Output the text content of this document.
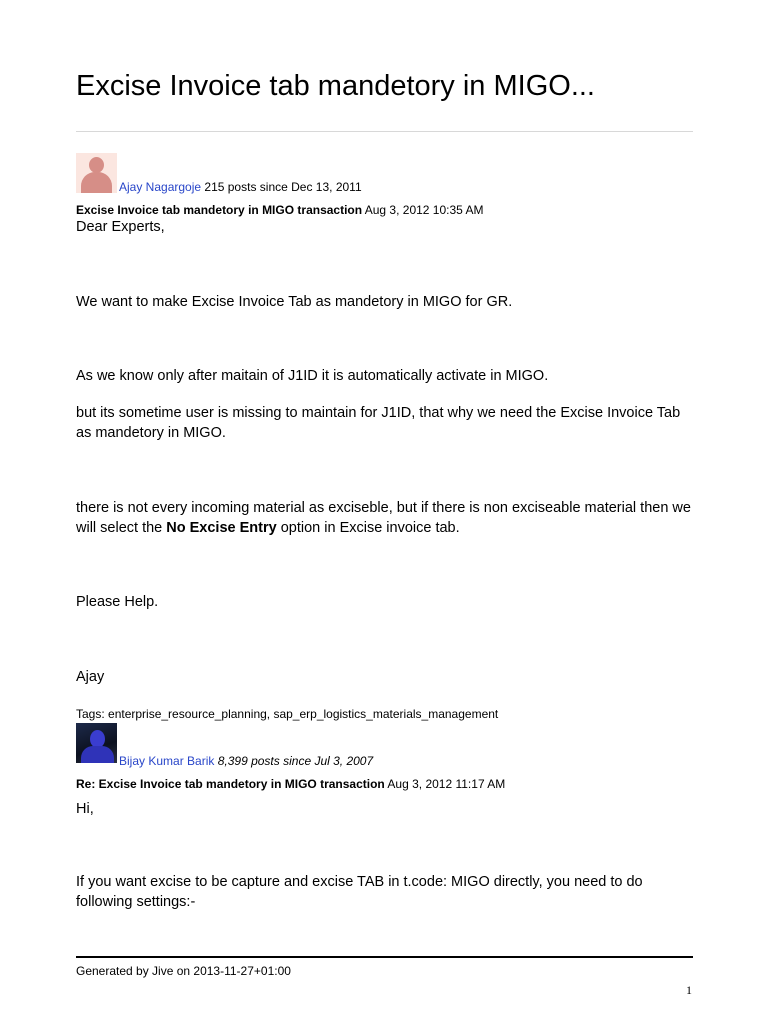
Excise Invoice tab mandetory in MIGO...
Ajay Nagargoje 215 posts since Dec 13, 2011
Excise Invoice tab mandetory in MIGO transaction Aug 3, 2012 10:35 AM
Dear Experts,
We want to make Excise Invoice Tab as mandetory in MIGO for GR.
As we know only after maitain of J1ID it is automatically activate in MIGO.
but its sometime user is missing to maintain for J1ID, that why we need the Excise Invoice Tab as mandetory in MIGO.
there is not every incoming material as exciseble, but if there is non exciseable material then we will select the No Excise Entry option in Excise invoice tab.
Please Help.
Ajay
Tags: enterprise_resource_planning, sap_erp_logistics_materials_management
Bijay Kumar Barik 8,399 posts since Jul 3, 2007
Re: Excise Invoice tab mandetory in MIGO transaction Aug 3, 2012 11:17 AM
Hi,
If you want excise to be capture and excise TAB in t.code: MIGO directly, you need to do following settings:-
Generated by Jive on 2013-11-27+01:00
1
